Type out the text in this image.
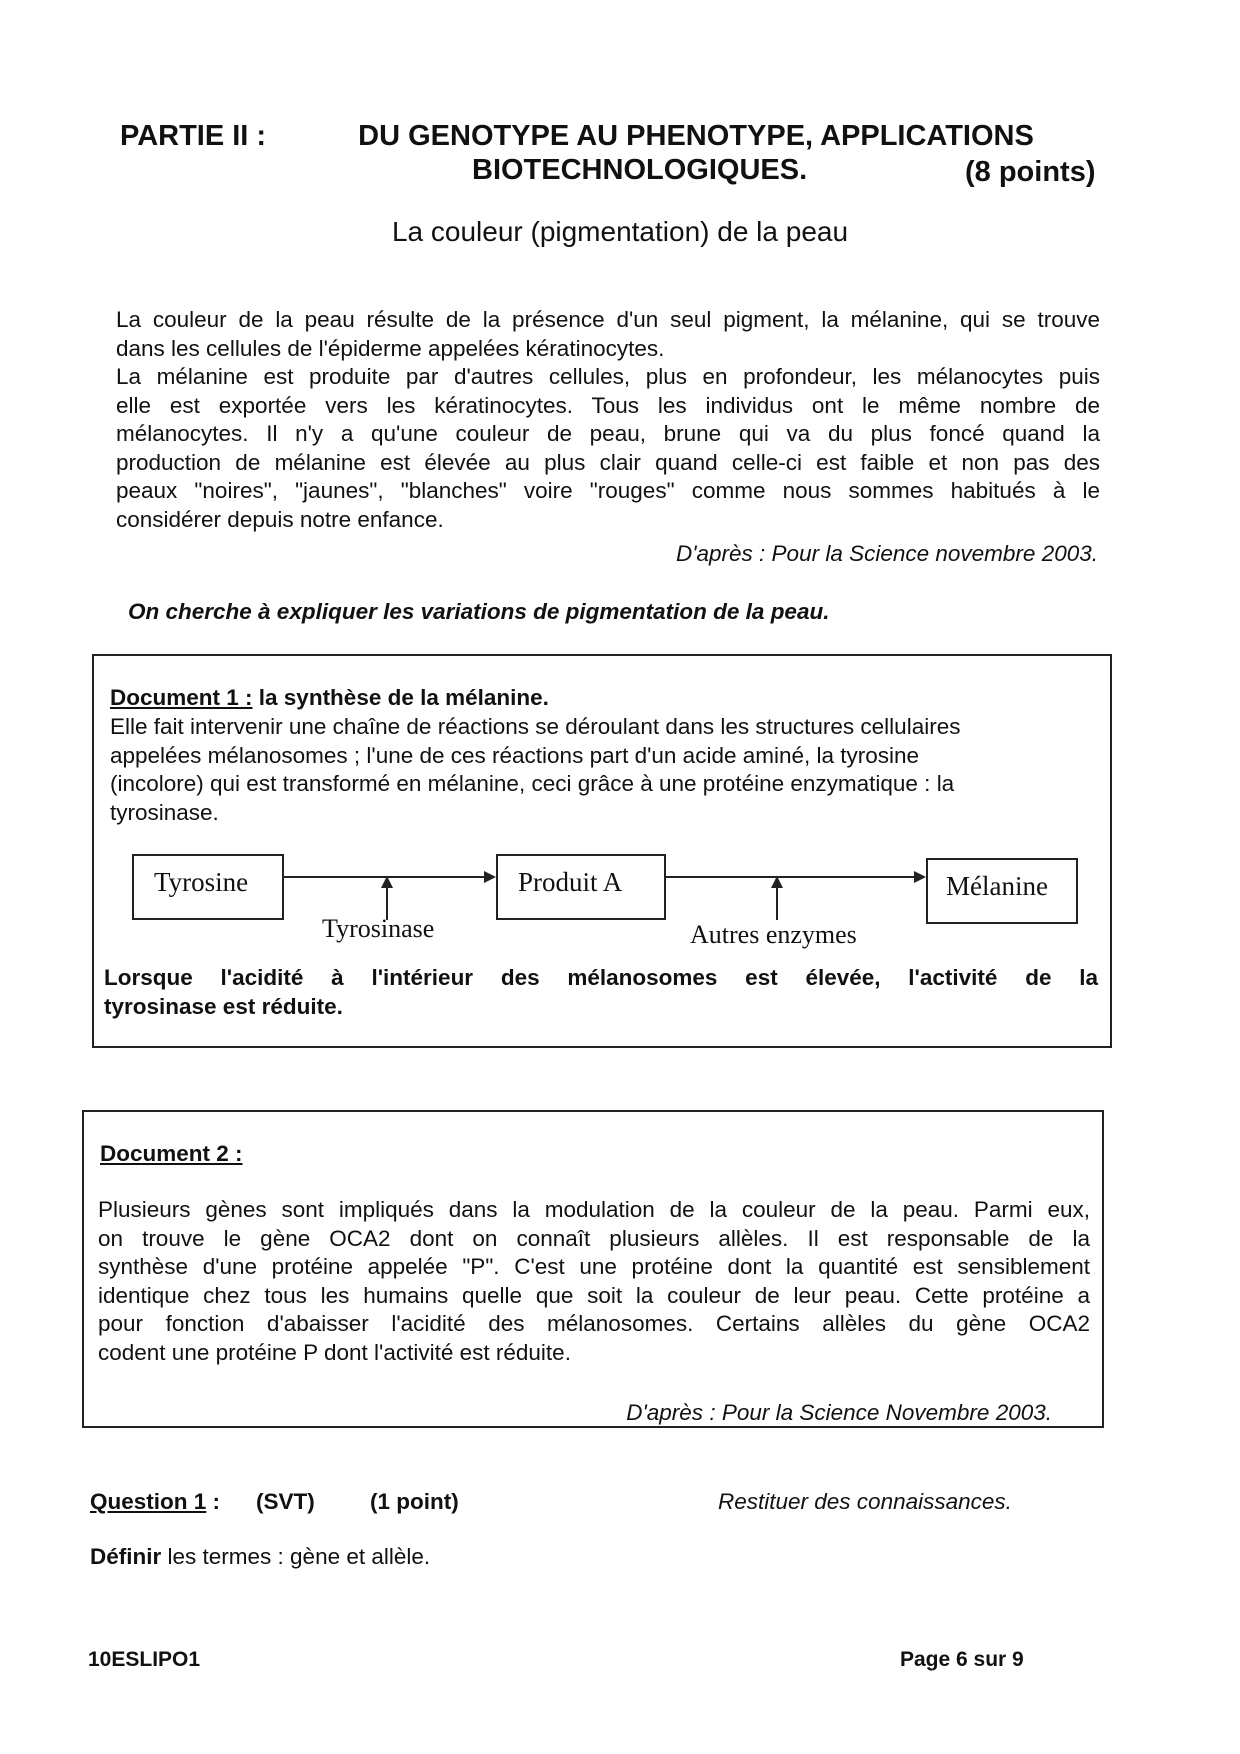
PARTIE II :	DU GENOTYPE AU PHENOTYPE, APPLICATIONS
BIOTECHNOLOGIQUES.	(8 points)
La couleur (pigmentation) de la peau
La couleur de la peau résulte de la présence d'un seul pigment, la mélanine, qui se trouve
dans les cellules de l'épiderme appelées kératinocytes.
La mélanine est produite par d'autres cellules, plus en profondeur, les mélanocytes puis
elle est exportée vers les kératinocytes. Tous les individus ont le même nombre de
mélanocytes. Il n'y a qu'une couleur de peau, brune qui va du plus foncé quand la
production de mélanine est élevée au plus clair quand celle-ci est faible et non pas des
peaux "noires", "jaunes", "blanches" voire "rouges" comme nous sommes habitués à le
considérer depuis notre enfance.
D'après : Pour la Science novembre 2003.
On cherche à expliquer les variations de pigmentation de la peau.
Document 1 : la synthèse de la mélanine.
Elle fait intervenir une chaîne de réactions se déroulant dans les structures cellulaires
appelées mélanosomes ; l'une de ces réactions part d'un acide aminé, la tyrosine
(incolore) qui est transformé en mélanine, ceci grâce à une protéine enzymatique : la
tyrosinase.
Tyrosine
Tyrosinase
Produit A
Autres enzymes
Mélanine
Lorsque l'acidité à l'intérieur des mélanosomes est élevée, l'activité de la
tyrosinase est réduite.
Document 2 :
Plusieurs gènes sont impliqués dans la modulation de la couleur de la peau. Parmi eux,
on trouve le gène OCA2 dont on connaît plusieurs allèles. Il est responsable de la
synthèse d'une protéine appelée "P". C'est une protéine dont la quantité est sensiblement
identique chez tous les humains quelle que soit la couleur de leur peau. Cette protéine a
pour fonction d'abaisser l'acidité des mélanosomes. Certains allèles du gène OCA2
codent une protéine P dont l'activité est réduite.
D'après : Pour la Science Novembre 2003.
Question 1 : (SVT) (1 point)	Restituer des connaissances.
Définir les termes : gène et allèle.
10ESLIPO1	Page 6 sur 9
